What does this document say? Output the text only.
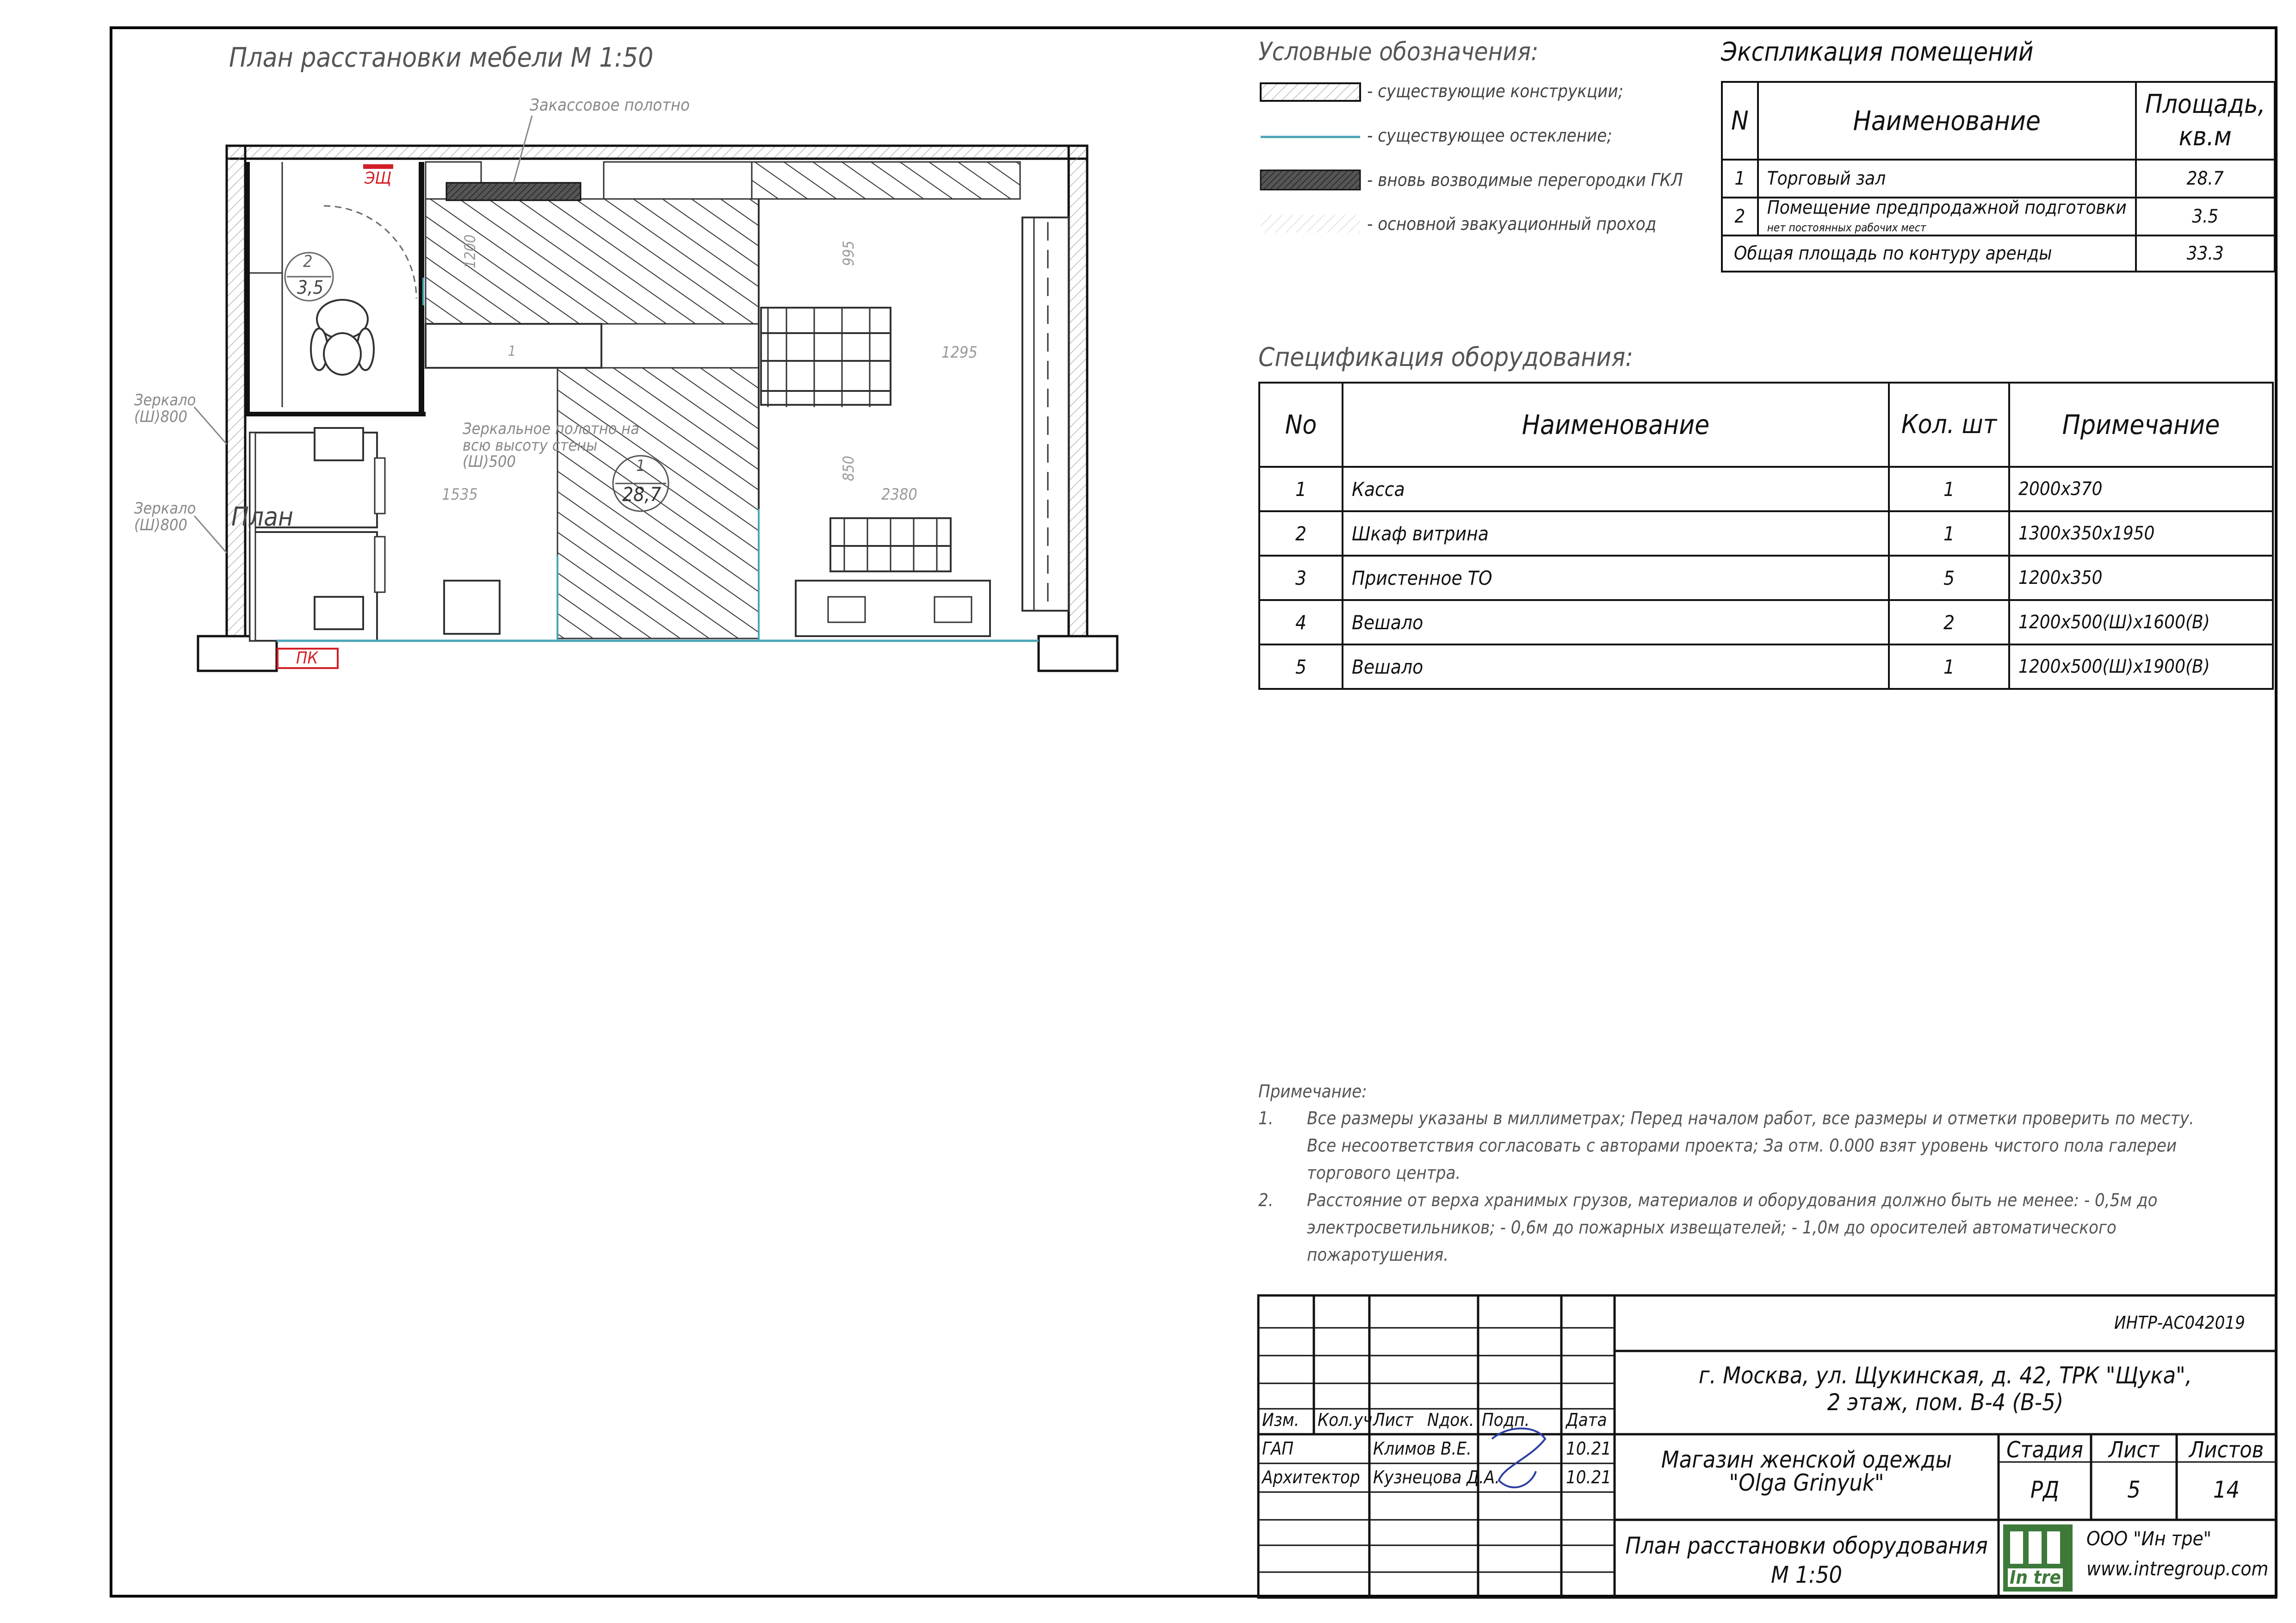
План расстановки мебели М 1:50
Закассовое полотно
Зеркало
(Ш)800
Зеркало
(Ш)800
Зеркальное полотно на
всю высоту стены
(Ш)500
План
2
3,5
1
28,7
ЭЩ
ПК
1200	995
1295
850
1535	2380
1
Условные обозначения:
- существующие конструкции;
- существующее остекление;
- вновь возводимые перегородки ГКЛ
- основной эвакуационный проход
Экспликация помещений
N	Наименование	Площадь, кв.м
1	Торговый зал	28.7
2	Помещение предпродажной подготовки
нет постоянных рабочих мест	3.5
Общая площадь по контуру аренды		33.3
Спецификация оборудования:
No	Наименование	Кол. шт	Примечание
1	Касса	1	2000х370
2	Шкаф витрина	1	1300х350х1950
3	Пристенное ТО	5	1200х350
4	Вешало	2	1200х500(Ш)х1600(В)
5	Вешало	1	1200х500(Ш)х1900(В)
Примечание:
1. Все размеры указаны в миллиметрах; Перед началом работ, все размеры и отметки проверить по месту.
Все несоответствия согласовать с авторами проекта; За отм. 0.000 взят уровень чистого пола галереи
торгового центра.
2. Расстояние от верха хранимых грузов, материалов и оборудования должно быть не менее: - 0,5м до
электросветильников; - 0,6м до пожарных извещателей; - 1,0м до оросителей автоматического
пожаротушения.
ИНТР-АС042019
г. Москва, ул. Щукинская, д. 42, ТРК "Щука",
2 этаж, пом. В-4 (В-5)
Изм. Кол.уч Лист Nдок. Подп. Дата
ГАП	Климов В.Е.	10.21
Архитектор Кузнецова Д.А.	10.21
Магазин женской одежды
"Olga Grinyuk"
Стадия	Лист	Листов
РД	5	14
План расстановки оборудования
М 1:50	In tre
ООО "Ин тре"
www.intregroup.com
